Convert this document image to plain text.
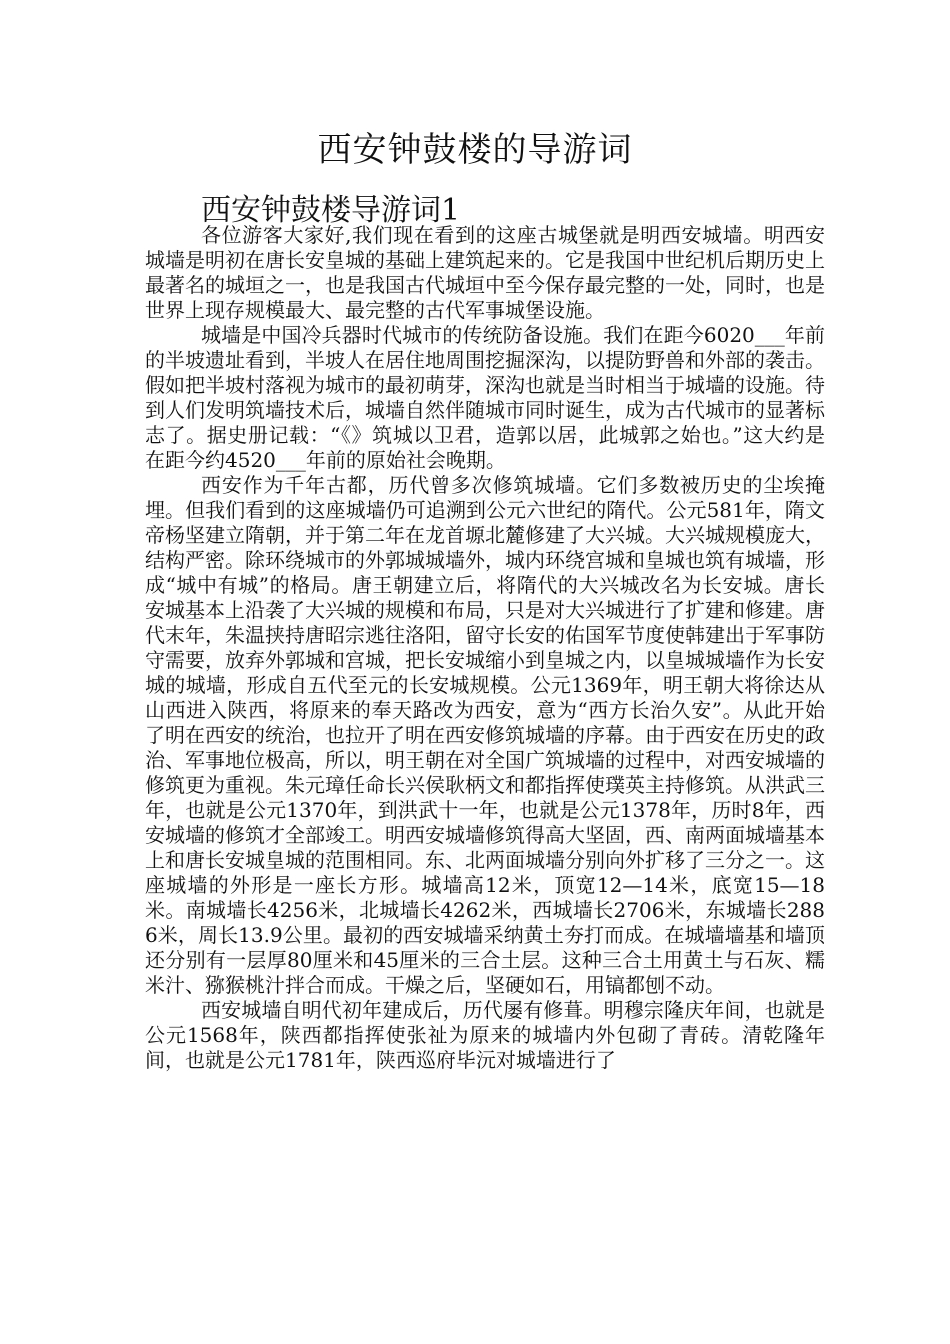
西安钟鼓楼的导游词
西安钟鼓楼导游词1

各位游客大家好,我们现在看到的这座古城堡就是明西安城墙。明西安城墙是明初在唐长安皇城的基础上建筑起来的。它是我国中世纪机后期历史上最著名的城垣之一，也是我国古代城垣中至今保存最完整的一处，同时，也是世界上现存规模最大、最完整的古代军事城堡设施。

城墙是中国冷兵器时代城市的传统防备设施。我们在距今6020___年前的半坡遗址看到，半坡人在居住地周围挖掘深沟，以提防野兽和外部的袭击。假如把半坡村落视为城市的最初萌芽，深沟也就是当时相当于城墙的设施。待到人们发明筑墙技术后，城墙自然伴随城市同时诞生，成为古代城市的显著标志了。据史册记载：“《》筑城以卫君，造郭以居，此城郭之始也。”这大约是在距今约4520___年前的原始社会晚期。

西安作为千年古都，历代曾多次修筑城墙。它们多数被历史的尘埃掩埋。但我们看到的这座城墙仍可追溯到公元六世纪的隋代。公元581年，隋文帝杨坚建立隋朝，并于第二年在龙首塬北麓修建了大兴城。大兴城规模庞大，结构严密。除环绕城市的外郭城城墙外，城内环绕宫城和皇城也筑有城墙，形成“城中有城”的格局。唐王朝建立后，将隋代的大兴城改名为长安城。唐长安城基本上沿袭了大兴城的规模和布局，只是对大兴城进行了扩建和修建。唐代末年，朱温挟持唐昭宗逃往洛阳，留守长安的佑国军节度使韩建出于军事防守需要，放弃外郭城和宫城，把长安城缩小到皇城之内，以皇城城墙作为长安城的城墙，形成自五代至元的长安城规模。公元1369年，明王朝大将徐达从山西进入陕西，将原来的奉天路改为西安，意为“西方长治久安”。从此开始了明在西安的统治，也拉开了明在西安修筑城墙的序幕。由于西安在历史的政治、军事地位极高，所以，明王朝在对全国广筑城墙的过程中，对西安城墙的修筑更为重视。朱元璋任命长兴侯耿柄文和都指挥使璞英主持修筑。从洪武三年，也就是公元1370年，到洪武十一年，也就是公元1378年，历时8年，西安城墙的修筑才全部竣工。明西安城墙修筑得高大坚固，西、南两面城墙基本上和唐长安城皇城的范围相同。东、北两面城墙分别向外扩移了三分之一。这座城墙的外形是一座长方形。城墙高12米，顶宽12—14米，底宽15—18米。南城墙长4256米，北城墙长4262米，西城墙长2706米，东城墙长2886米，周长13.9公里。最初的西安城墙采纳黄土夯打而成。在城墙墙基和墙顶还分别有一层厚80厘米和45厘米的三合土层。这种三合土用黄土与石灰、糯米汁、猕猴桃汁拌合而成。干燥之后，坚硬如石，用镐都刨不动。

西安城墙自明代初年建成后，历代屡有修葺。明穆宗隆庆年间，也就是公元1568年，陕西都指挥使张祉为原来的城墙内外包砌了青砖。清乾隆年间，也就是公元1781年，陕西巡府毕沅对城墙进行了
